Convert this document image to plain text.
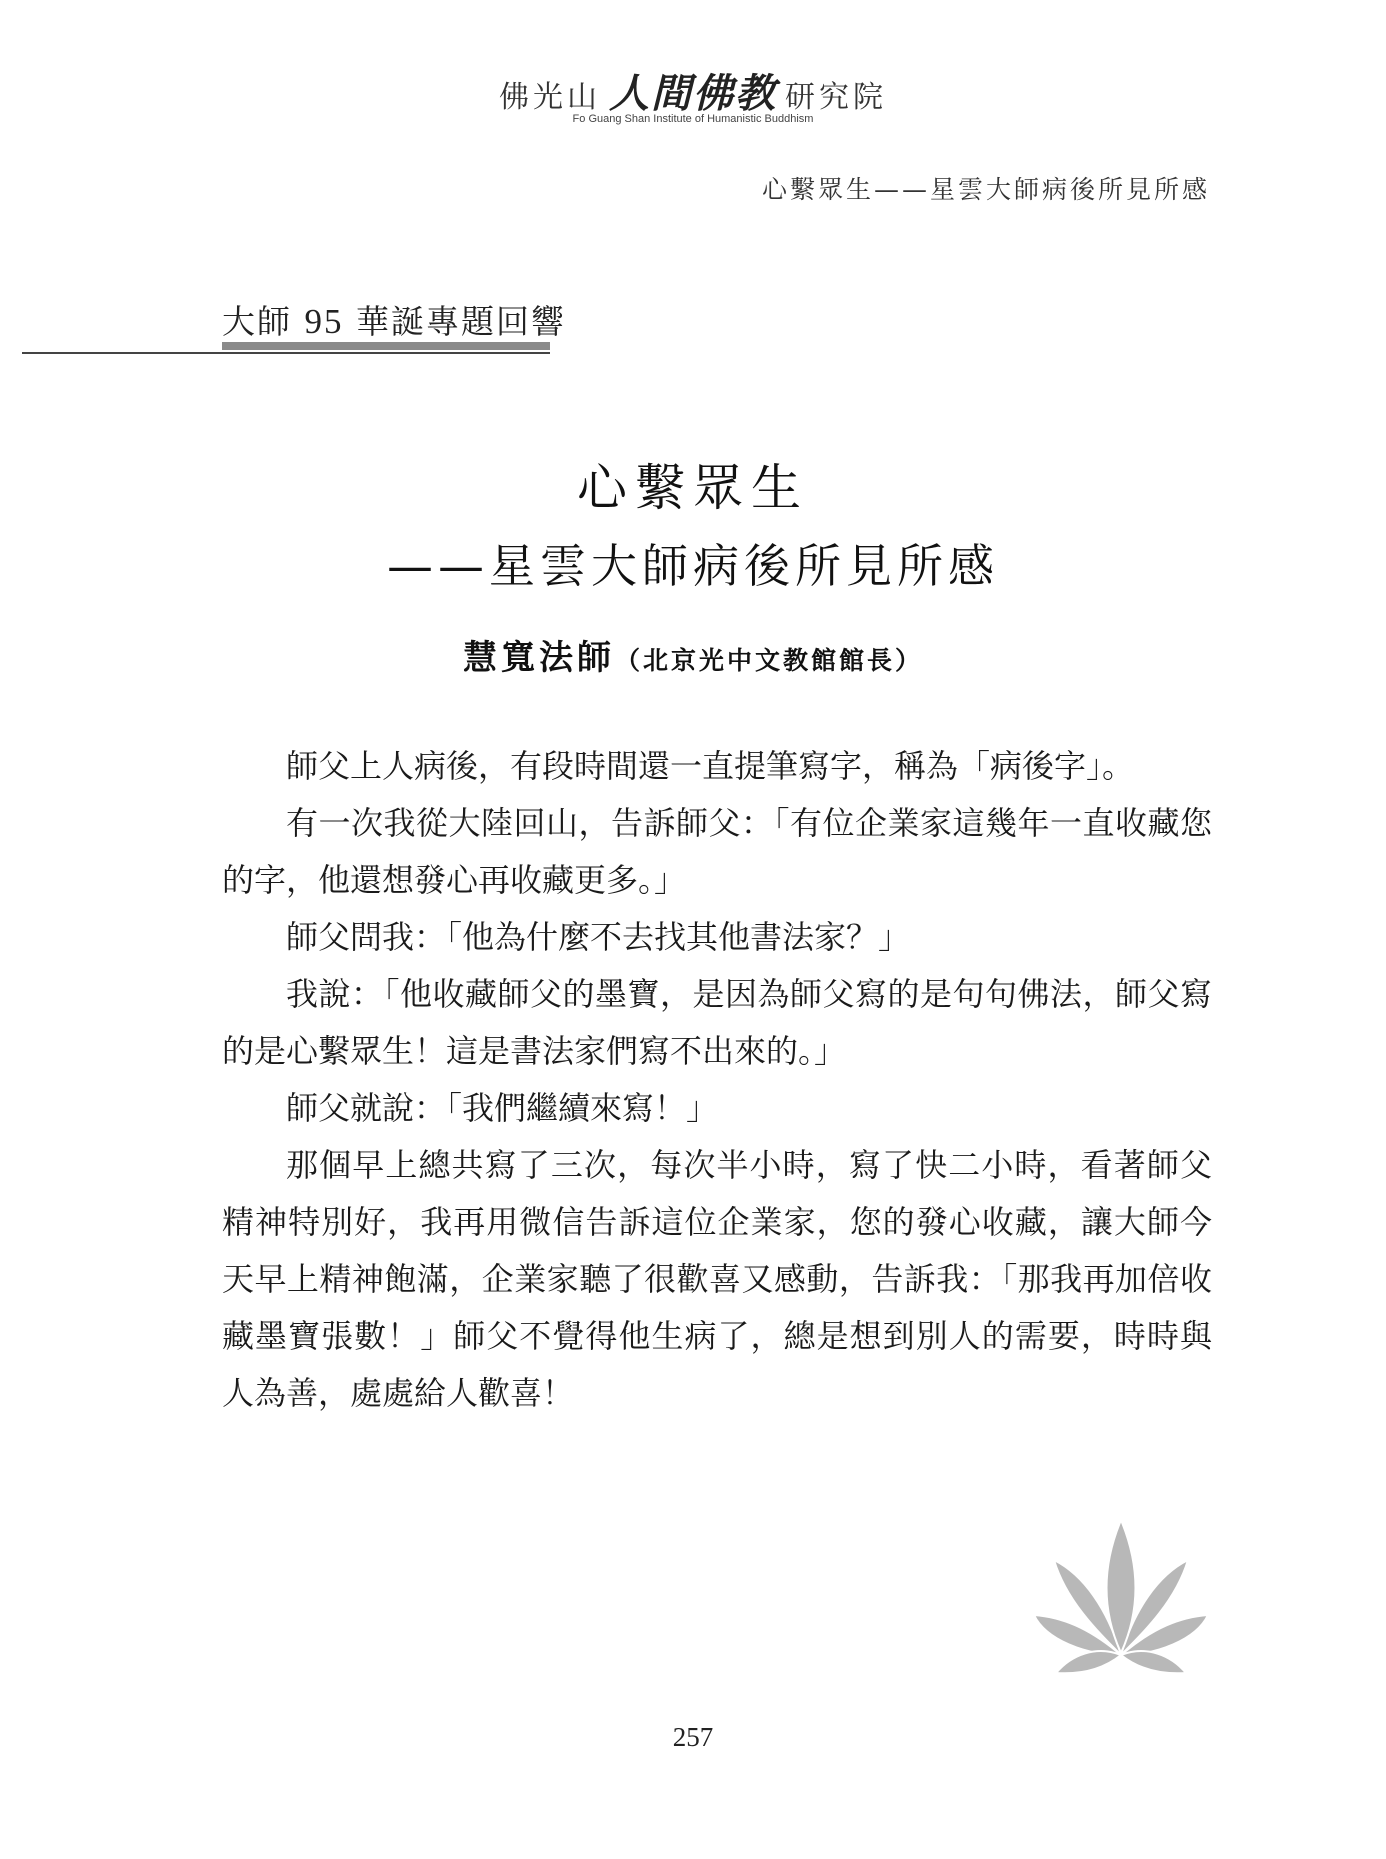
佛光山 人間佛教 研究院
Fo Guang Shan Institute of Humanistic Buddhism
心繫眾生——星雲大師病後所見所感
大師 95 華誕專題回響
心繫眾生
——星雲大師病後所見所感
慧寬法師（北京光中文教館館長）

師父上人病後，有段時間還一直提筆寫字，稱為「病後字」。

有一次我從大陸回山，告訴師父：「有位企業家這幾年一直收藏您的字，他還想發心再收藏更多。」

師父問我：「他為什麼不去找其他書法家？」

我說：「他收藏師父的墨寶，是因為師父寫的是句句佛法，師父寫的是心繫眾生！這是書法家們寫不出來的。」

師父就說：「我們繼續來寫！」

那個早上總共寫了三次，每次半小時，寫了快二小時，看著師父精神特別好，我再用微信告訴這位企業家，您的發心收藏，讓大師今天早上精神飽滿，企業家聽了很歡喜又感動，告訴我：「那我再加倍收藏墨寶張數！」師父不覺得他生病了，總是想到別人的需要，時時與人為善，處處給人歡喜！

257
